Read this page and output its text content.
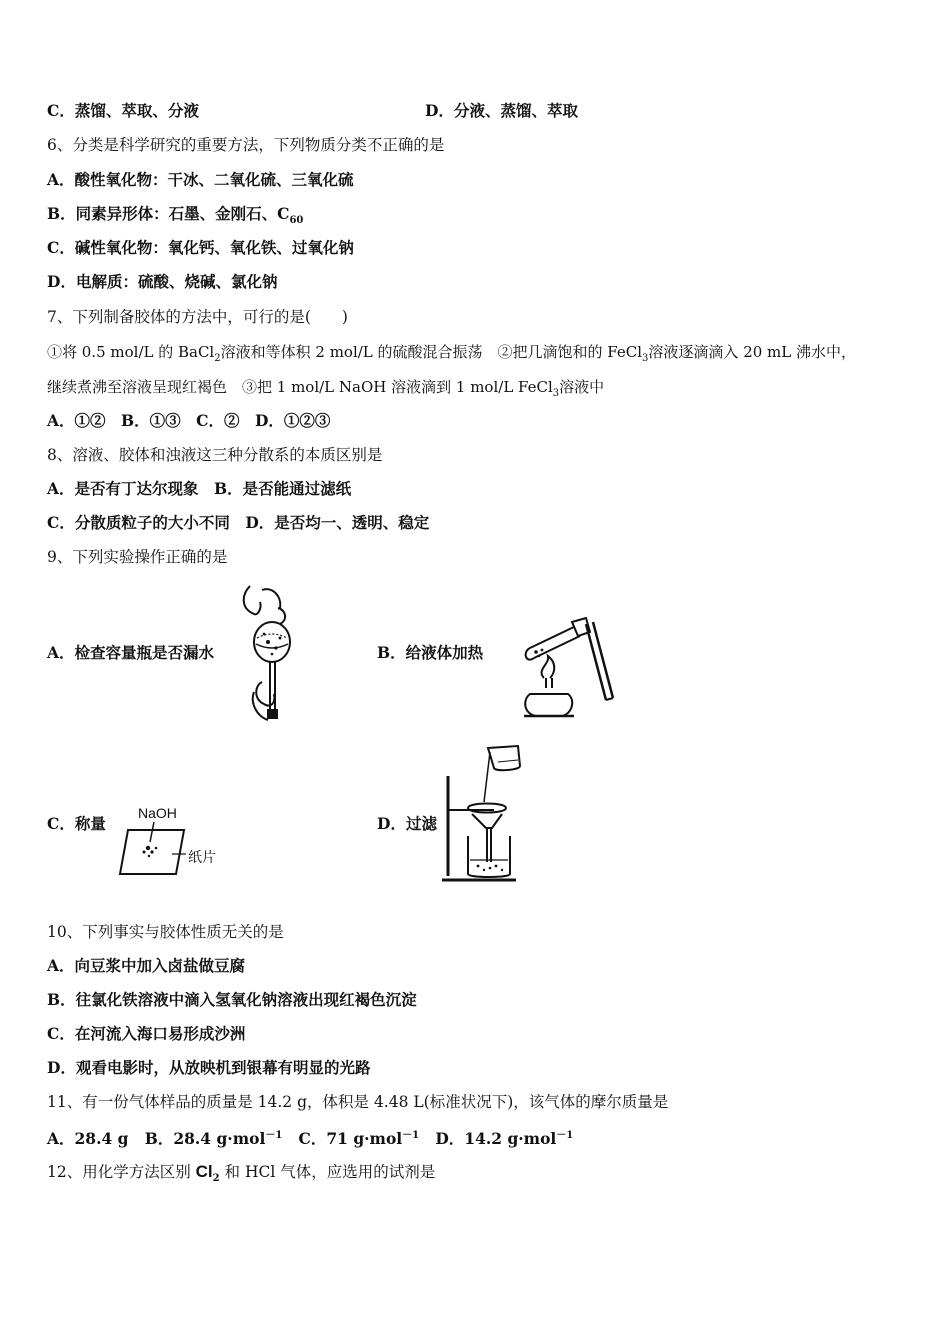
C．蒸馏、萃取、分液	D．分液、蒸馏、萃取
6、分类是科学研究的重要方法，下列物质分类不正确的是
A．酸性氧化物：干冰、二氧化硫、三氧化硫
B．同素异形体：石墨、金刚石、$C_{60}$
C．碱性氧化物：氧化钙、氧化铁、过氧化钠
D．电解质：硫酸、烧碱、氯化钠
7、下列制备胶体的方法中，可行的是(　　)
①将 0.5 mol/L 的 BaCl$_2$溶液和等体积 2 mol/L 的硫酸混合振荡　②把几滴饱和的 FeCl$_3$溶液逐滴滴入 20 mL 沸水中，
继续煮沸至溶液呈现红褐色　③把 1 mol/L NaOH 溶液滴到 1 mol/L FeCl$_3$溶液中
A．①②　B．①③　C．②　D．①②③
8、溶液、胶体和浊液这三种分散系的本质区别是
A．是否有丁达尔现象　B．是否能通过滤纸
C．分散质粒子的大小不同　D．是否均一、透明、稳定
9、下列实验操作正确的是
A．检查容量瓶是否漏水	B．给液体加热
C．称量	D．过滤
NaOH
纸片
10、下列事实与胶体性质无关的是
A．向豆浆中加入卤盐做豆腐
B．往氯化铁溶液中滴入氢氧化钠溶液出现红褐色沉淀
C．在河流入海口易形成沙洲
D．观看电影时，从放映机到银幕有明显的光路
11、有一份气体样品的质量是 14.2 g，体积是 4.48 L(标准状况下)，该气体的摩尔质量是
A．28.4 g B．28.4 g·mol$^{-1}$ C．71 g·mol$^{-1}$ D．14.2 g·mol$^{-1}$
12、用化学方法区别 $Cl_2$ 和 HCl 气体，应选用的试剂是
